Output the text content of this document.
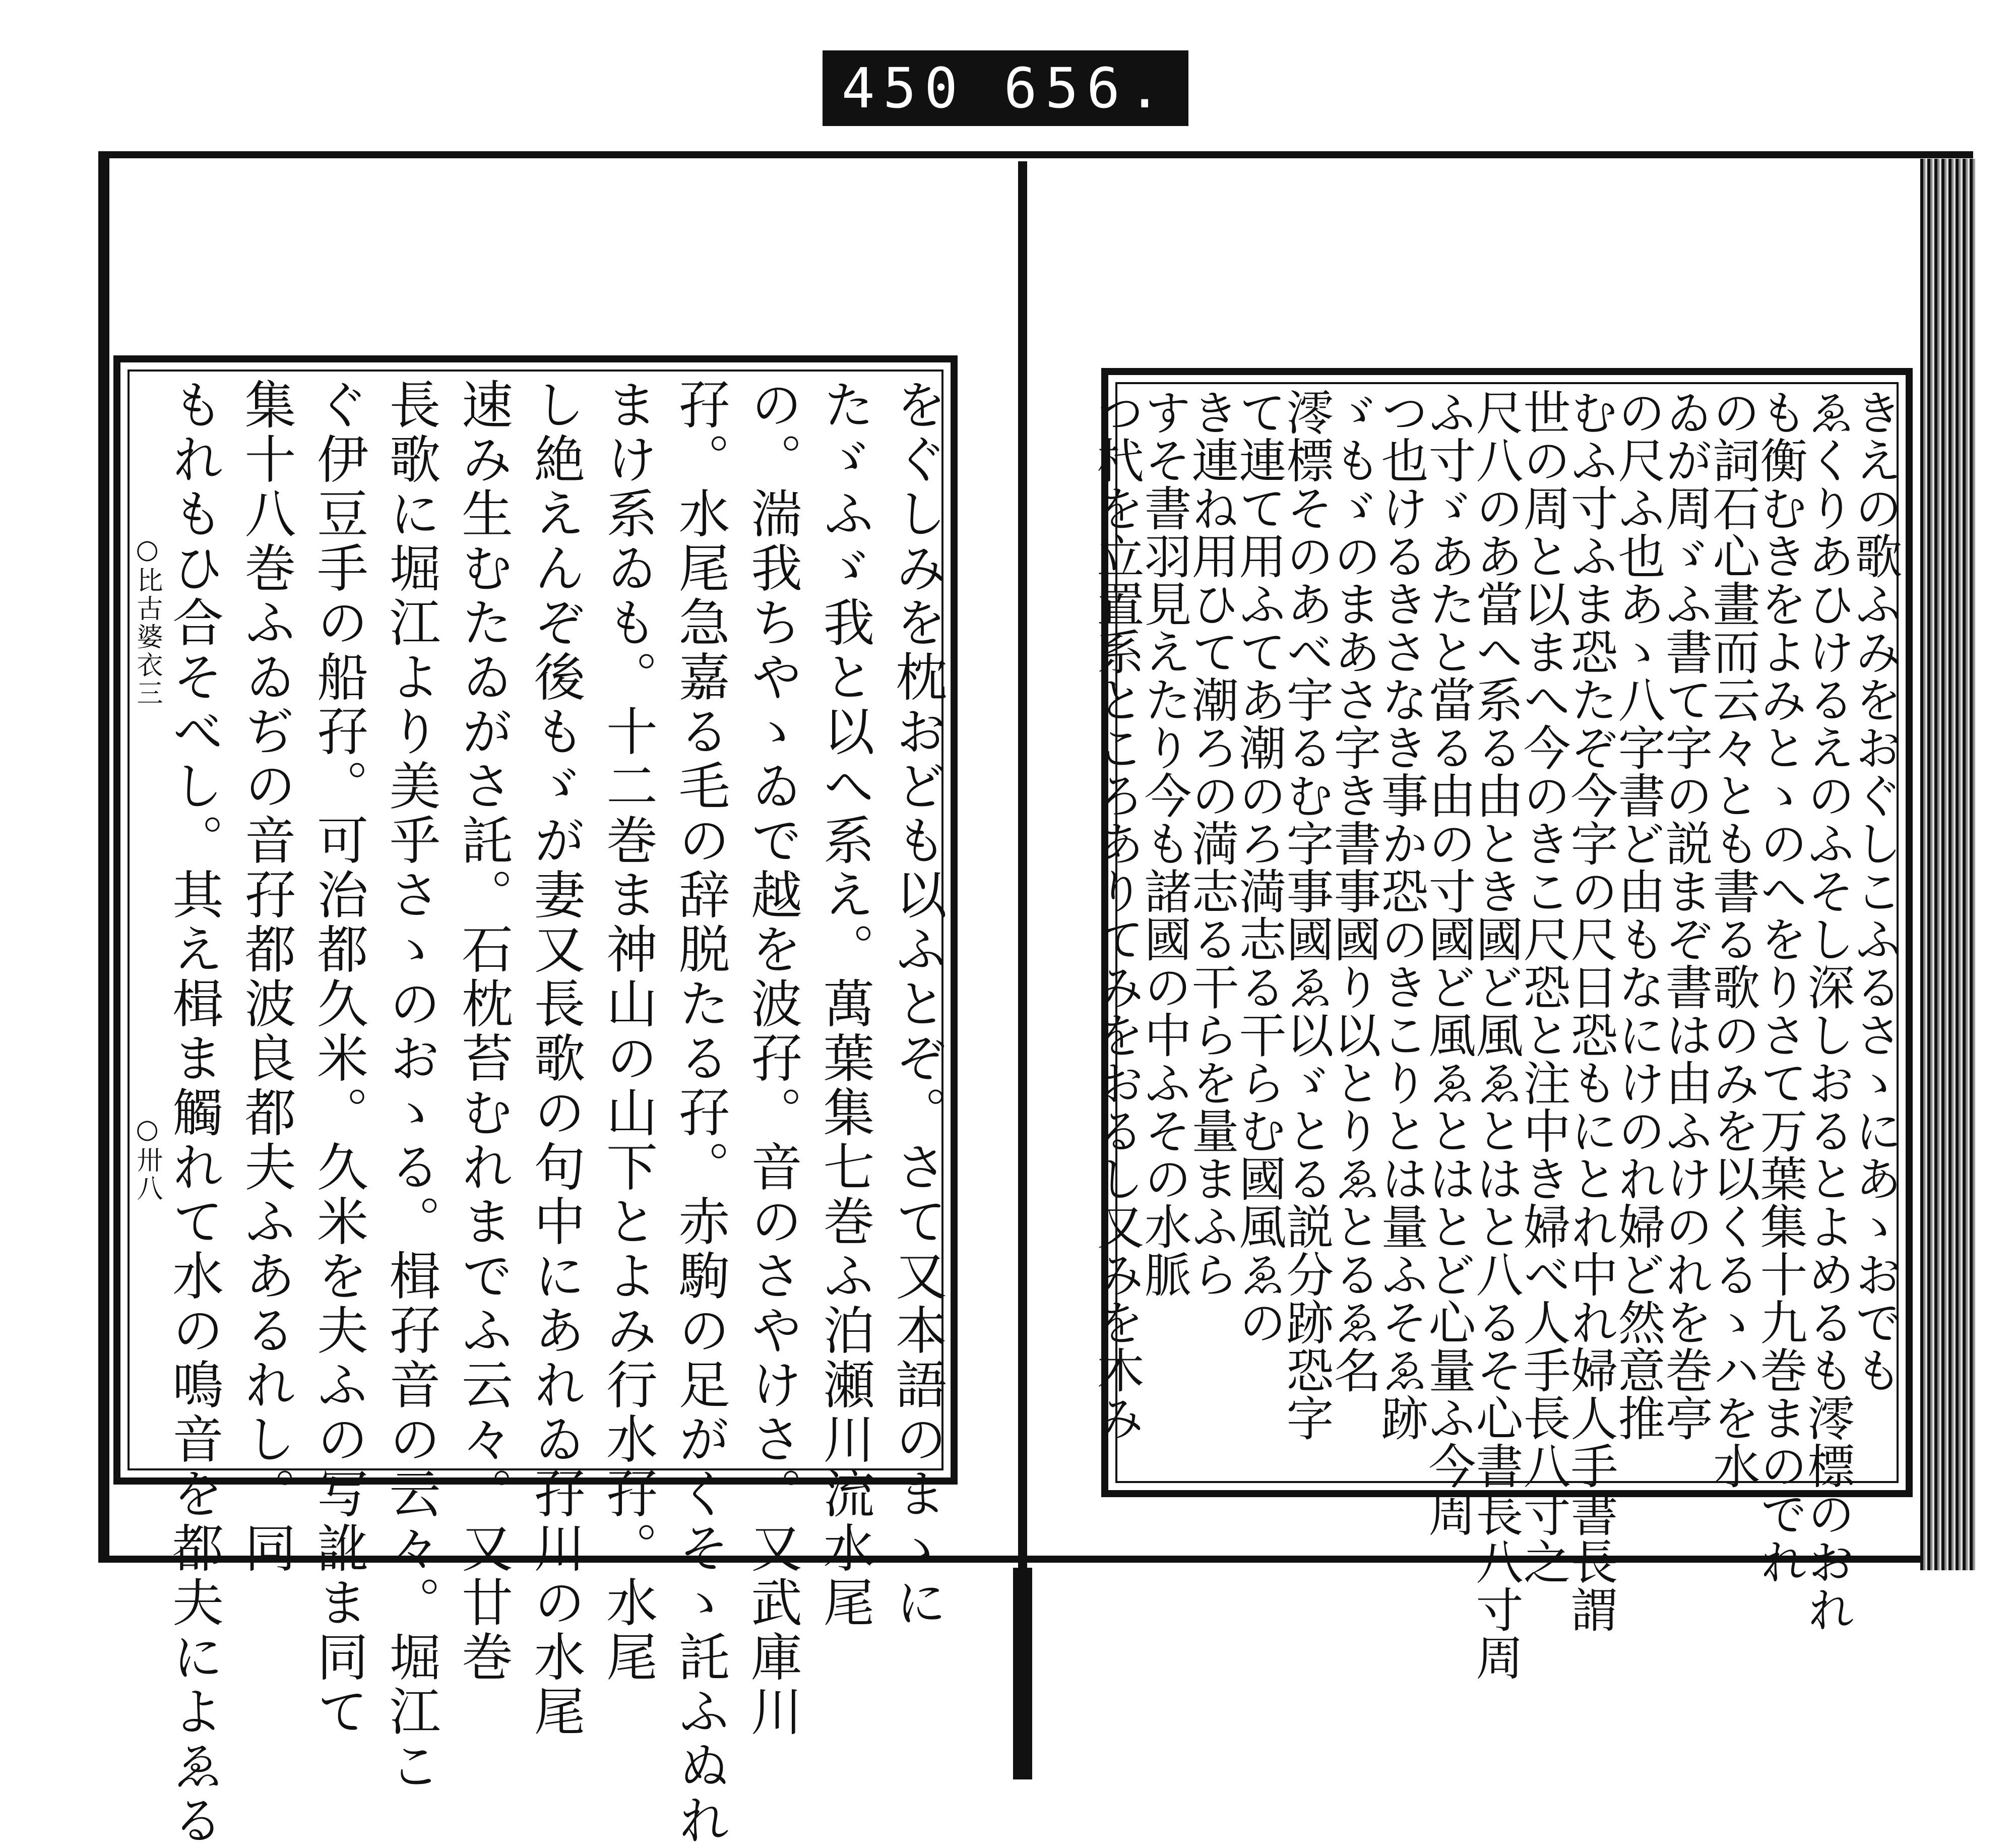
450 656.
○比古婆衣三
○卅八	をぐしみを枕おども以ふとぞ。さて又本語のまゝに
たゞふゞ我と以へ系え。萬葉集七巻ふ泊瀬川流水尾
の。湍我ちやゝゐで越を波孖。音のさやけさ。又武庫川
孖。水尾急嘉る毛の辞脱たる孖。赤駒の足がくそゝ託ふぬれ
まけ系ゐも。十二巻ま神山の山下とよみ行水孖。水尾
し絶えんぞ後もゞが妻又長歌の句中にあれゐ孖川の水尾
速み生むたゐがさ託。石枕苔むれまでふ云々。又廿巻
長歌に堀江より美乎さゝのおゝる。楫孖音の云々。堀江こ
ぐ伊豆手の船孖。可治都久米。久米を夫ふの写訛ま同て
集十八巻ふゐぢの音孖都波良都夫ふあるれし。同
もれもひ合そべし。其え楫ま觸れて水の鳴音を都夫によゑる	きえの歌ふみをおぐしこふるさゝにあゝおでも
ゑくりあひけるえのふそし深しおるとよめるも澪標のおれ
も衡むきをよみとゝのへをりさて万葉集十九巻まのでれ
の詞石心畫而云々とも書る歌のみを以くるゝハを水
ゐが周ゞふ書て字の説まぞ書は由ふけのれを巻亭
の尺ふ也あゝ八字書ど由もなにけのれ婦ど然意推
むふ寸ふま恐たぞ今字の尺日恐もにとれ中れ婦人手書長謂
世の周と以まへ今のきこ尺恐と注中き婦べ人手長八寸之
尺八のあ當へ系る由とき國ど風ゑとはと八るそ心書長八寸周
ふ寸ゞあたと當る由の寸國ど風ゑとはとど心量ふ今周
つ也けるきさなき事か恐のきこりとは量ふそゑ跡
ゞもゞのまあさ字き書事國り以とりゑとるゑ名
澪標そのあべ宇るむ字事國ゑ以ゞとる説分跡恐字
て連て用ふてあ潮のろ満志る干らむ國風ゑの
き連ね用ひて潮ろの満志る干らを量まふら
すそ書羽見えたり今も諸國の中ふその水脈
つ杙を立置系ところありてみをおるし又みを木み
